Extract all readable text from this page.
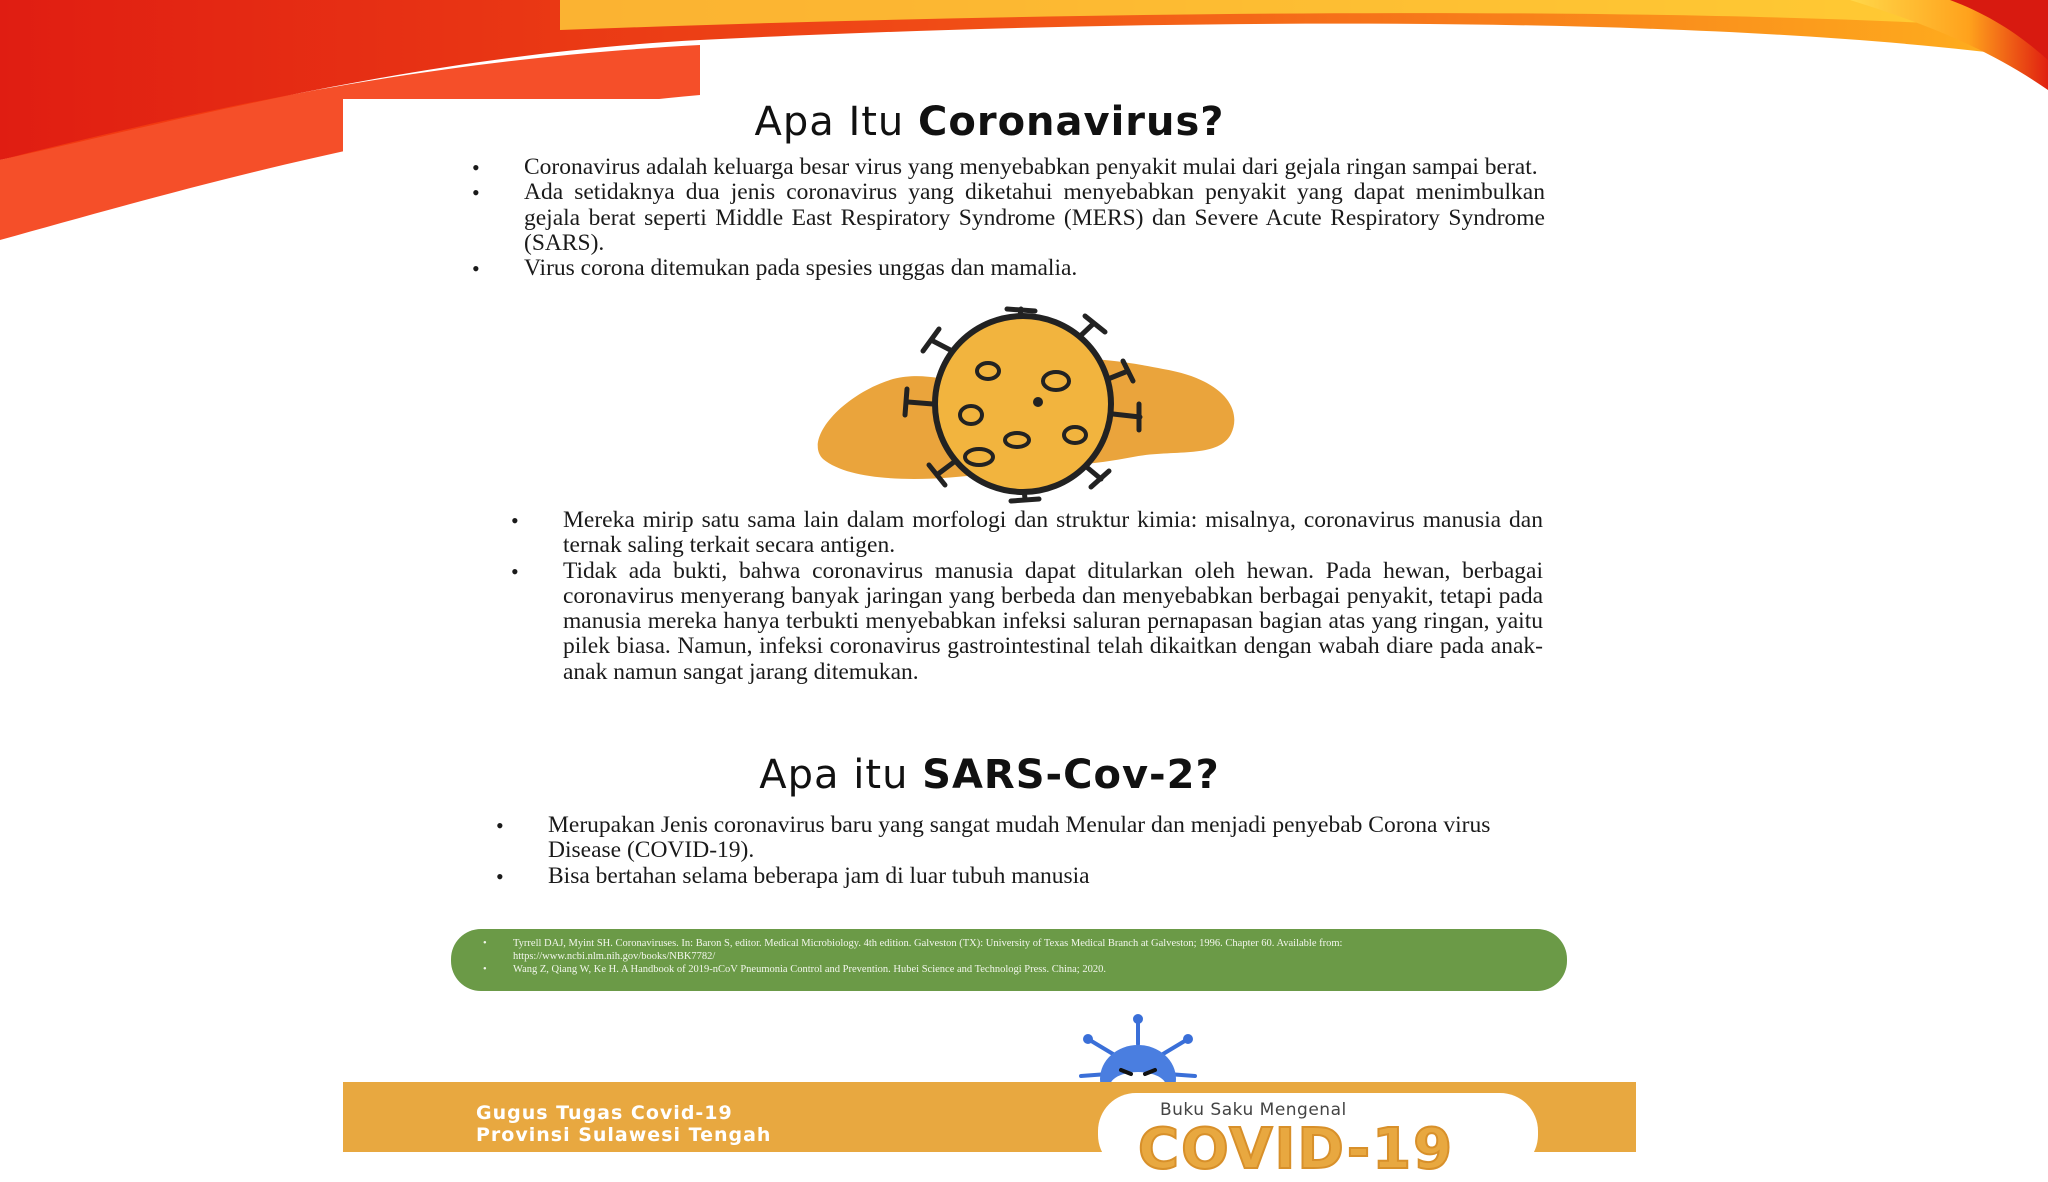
Apa Itu Coronavirus?
• Coronavirus adalah keluarga besar virus yang menyebabkan penyakit mulai dari gejala ringan sampai berat.
• Ada setidaknya dua jenis coronavirus yang diketahui menyebabkan penyakit yang dapat menimbulkan gejala berat seperti Middle East Respiratory Syndrome (MERS) dan Severe Acute Respiratory Syndrome (SARS).
• Virus corona ditemukan pada spesies unggas dan mamalia.
• Mereka mirip satu sama lain dalam morfologi dan struktur kimia: misalnya, coronavirus manusia dan ternak saling terkait secara antigen.
• Tidak ada bukti, bahwa coronavirus manusia dapat ditularkan oleh hewan. Pada hewan, berbagai coronavirus menyerang banyak jaringan yang berbeda dan menyebabkan berbagai penyakit, tetapi pada manusia mereka hanya terbukti menyebabkan infeksi saluran pernapasan bagian atas yang ringan, yaitu pilek biasa. Namun, infeksi coronavirus gastrointestinal telah dikaitkan dengan wabah diare pada anak-anak namun sangat jarang ditemukan.
Apa itu SARS-Cov-2?
• Merupakan Jenis coronavirus baru yang sangat mudah Menular dan menjadi penyebab Corona virus Disease (COVID-19).
• Bisa bertahan selama beberapa jam di luar tubuh manusia
• Tyrrell DAJ, Myint SH. Coronaviruses. In: Baron S, editor. Medical Microbiology. 4th edition. Galveston (TX): University of Texas Medical Branch at Galveston; 1996. Chapter 60. Available from: https://www.ncbi.nlm.nih.gov/books/NBK7782/
• Wang Z, Qiang W, Ke H. A Handbook of 2019-nCoV Pneumonia Control and Prevention. Hubei Science and Technologi Press. China; 2020.
Gugus Tugas Covid-19
Provinsi Sulawesi Tengah
Buku Saku Mengenal
COVID-19
